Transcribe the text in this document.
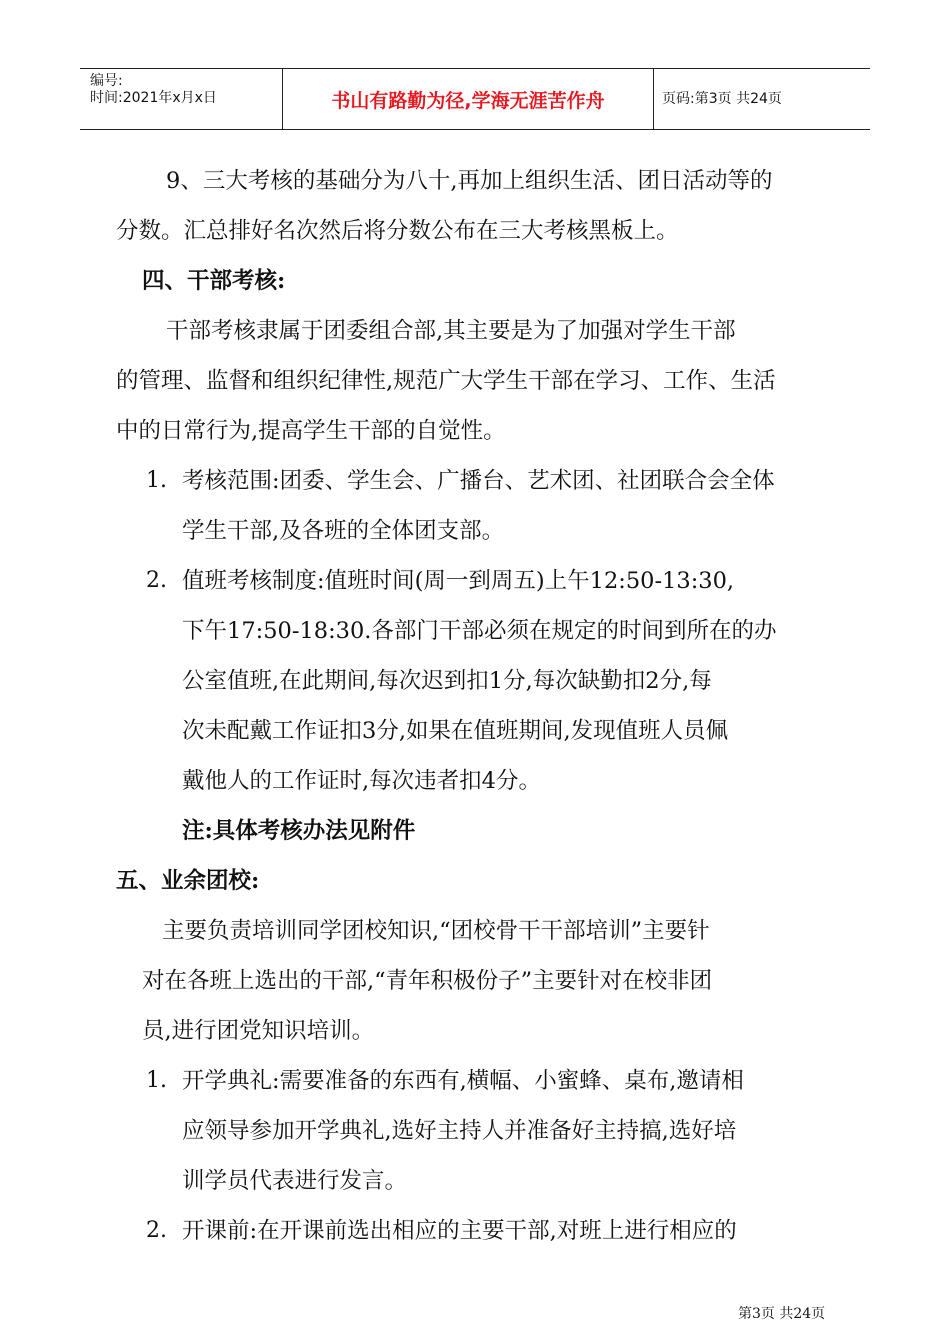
编号:
时间:2021年x月x日	书山有路勤为径,学海无涯苦作舟	页码:第3页 共24页
9、三大考核的基础分为八十,再加上组织生活、团日活动等的
分数。汇总排好名次然后将分数公布在三大考核黑板上。
四、干部考核:
干部考核隶属于团委组合部,其主要是为了加强对学生干部
的管理、监督和组织纪律性,规范广大学生干部在学习、工作、生活
中的日常行为,提高学生干部的自觉性。
1. 考核范围:团委、学生会、广播台、艺术团、社团联合会全体
学生干部,及各班的全体团支部。
2. 值班考核制度:值班时间(周一到周五)上午12:50-13:30,
下午17:50-18:30.各部门干部必须在规定的时间到所在的办
公室值班,在此期间,每次迟到扣1分,每次缺勤扣2分,每
次未配戴工作证扣3分,如果在值班期间,发现值班人员佩
戴他人的工作证时,每次违者扣4分。
注:具体考核办法见附件
五、业余团校:
主要负责培训同学团校知识,“团校骨干干部培训”主要针
对在各班上选出的干部,“青年积极份子”主要针对在校非团
员,进行团党知识培训。
1. 开学典礼:需要准备的东西有,横幅、小蜜蜂、桌布,邀请相
应领导参加开学典礼,选好主持人并准备好主持搞,选好培
训学员代表进行发言。
2. 开课前:在开课前选出相应的主要干部,对班上进行相应的
第3页 共24页
